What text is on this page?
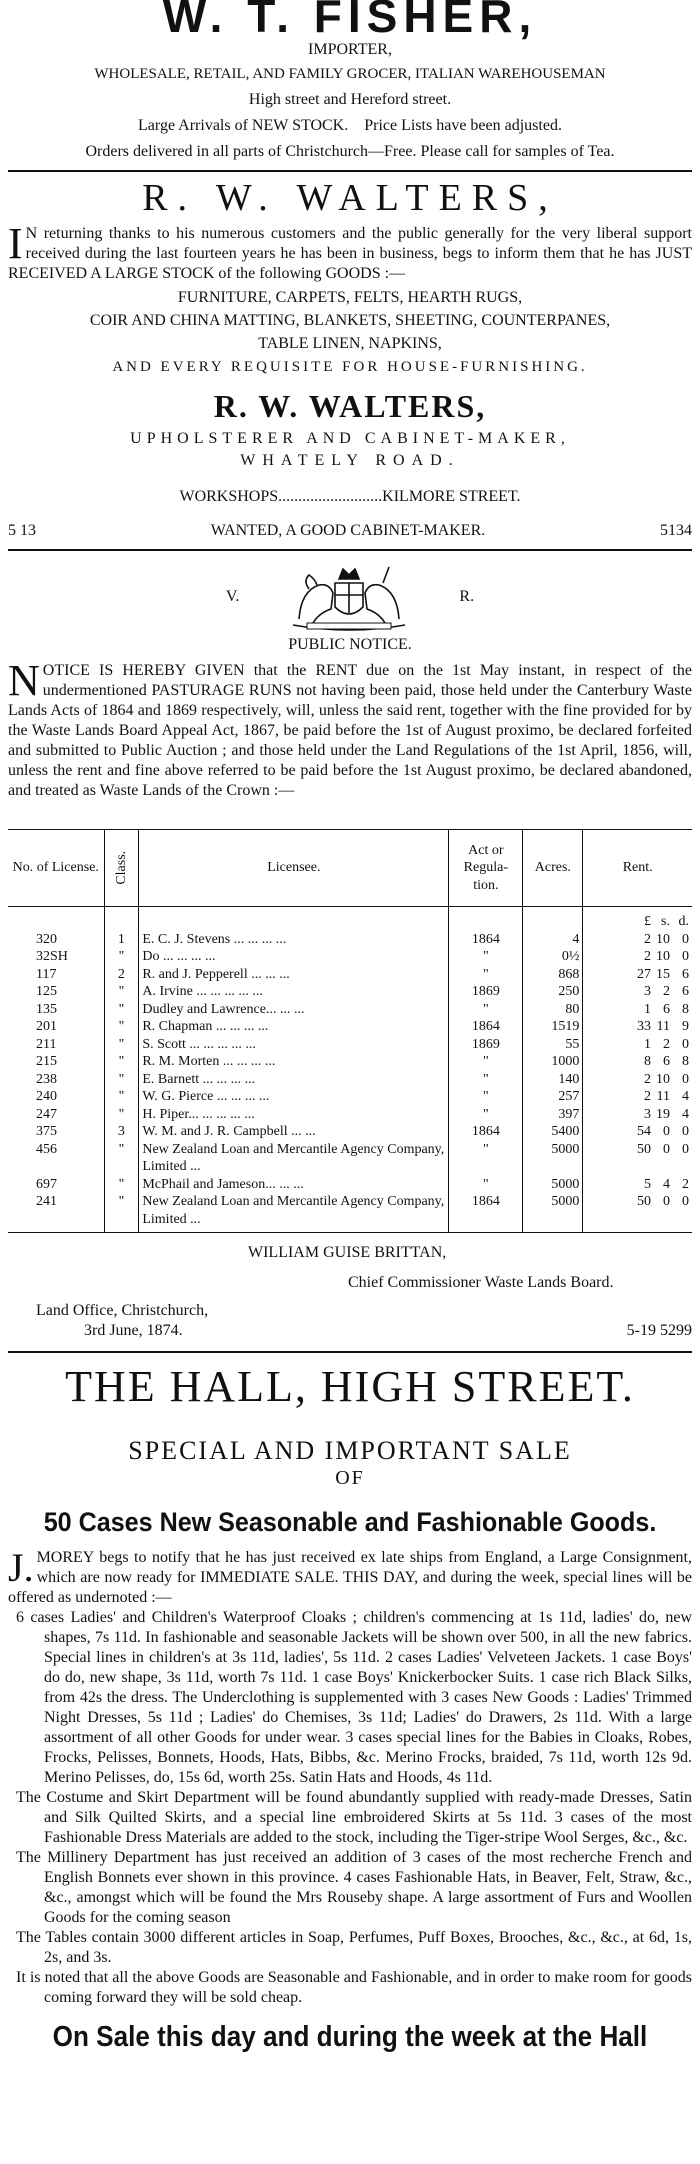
W. T. FISHER,

IMPORTER,

WHOLESALE, RETAIL, AND FAMILY GROCER, ITALIAN WAREHOUSEMAN

High street and Hereford street.

Large Arrivals of NEW STOCK.    Price Lists have been adjusted.

Orders delivered in all parts of Christchurch—Free. Please call for samples of Tea.

R. W. WALTERS,
I N returning thanks to his numerous customers and the public generally for the very liberal support received during the last fourteen years he has been in business, begs to inform them that he has JUST RECEIVED A LARGE STOCK of the following GOODS :—

FURNITURE, CARPETS, FELTS, HEARTH RUGS,

COIR AND CHINA MATTING, BLANKETS, SHEETING, COUNTERPANES,

TABLE LINEN, NAPKINS,

AND EVERY REQUISITE FOR HOUSE-FURNISHING.

R. W. WALTERS,

UPHOLSTERER AND CABINET-MAKER,

WHATELY ROAD.

WORKSHOPS..........................KILMORE STREET.

5 13	WANTED, A GOOD CABINET-MAKER.	5134
V.	R.

PUBLIC NOTICE.

N OTICE IS HEREBY GIVEN that the RENT due on the 1st May instant, in respect of the undermentioned PASTURAGE RUNS not having been paid, those held under the Canterbury Waste Lands Acts of 1864 and 1869 respectively, will, unless the said rent, together with the fine provided for by the Waste Lands Board Appeal Act, 1867, be paid before the 1st of August proximo, be declared forfeited and submitted to Public Auction ; and those held under the Land Regulations of the 1st April, 1856, will, unless the rent and fine above referred to be paid before the 1st August proximo, be declared abandoned, and treated as Waste Lands of the Crown :—
No. of License.	Class.	Licensee.	Act or Regula-tion.	Acres.	Rent.

					£ s. d.

320	1	E. C. J. Stevens ... ... ... ...	1864	4	2 10 0

32SH	"	Do ... ... ... ...	"	0½	2 10 0

117	2	R. and J. Pepperell ... ... ...	"	868	27 15 6

125	"	A. Irvine ... ... ... ... ...	1869	250	3 2 6

135	"	Dudley and Lawrence... ... ...	"	80	1 6 8

201	"	R. Chapman ... ... ... ...	1864	1519	33 11 9

211	"	S. Scott ... ... ... ... ...	1869	55	1 2 0

215	"	R. M. Morten ... ... ... ...	"	1000	8 6 8

238	"	E. Barnett ... ... ... ...	"	140	2 10 0

240	"	W. G. Pierce ... ... ... ...	"	257	2 11 4

247	"	H. Piper... ... ... ... ...	"	397	3 19 4

375	3	W. M. and J. R. Campbell ... ...	1864	5400	54 0 0

456	"	New Zealand Loan and Mercantile Agency Company, Limited ...	"	5000	50 0 0

697	"	McPhail and Jameson... ... ...	"	5000	5 4 2

241	"	New Zealand Loan and Mercantile Agency Company, Limited ...	1864	5000	50 0 0

WILLIAM GUISE BRITTAN,

Chief Commissioner Waste Lands Board.

Land Office, Christchurch,

3rd June, 1874.	5-19 5299
THE HALL, HIGH STREET.
SPECIAL AND IMPORTANT SALE
OF
50 Cases New Seasonable and Fashionable Goods.
J. MOREY begs to notify that he has just received ex late ships from England, a Large Consignment, which are now ready for IMMEDIATE SALE. THIS DAY, and during the week, special lines will be offered as undernoted :—

6 cases Ladies' and Children's Waterproof Cloaks ; children's commencing at 1s 11d, ladies' do, new shapes, 7s 11d. In fashionable and seasonable Jackets will be shown over 500, in all the new fabrics. Special lines in children's at 3s 11d, ladies', 5s 11d. 2 cases Ladies' Velveteen Jackets. 1 case Boys' do do, new shape, 3s 11d, worth 7s 11d. 1 case Boys' Knickerbocker Suits. 1 case rich Black Silks, from 42s the dress. The Underclothing is supplemented with 3 cases New Goods : Ladies' Trimmed Night Dresses, 5s 11d ; Ladies' do Chemises, 3s 11d; Ladies' do Drawers, 2s 11d. With a large assortment of all other Goods for under wear. 3 cases special lines for the Babies in Cloaks, Robes, Frocks, Pelisses, Bonnets, Hoods, Hats, Bibbs, &c. Merino Frocks, braided, 7s 11d, worth 12s 9d. Merino Pelisses, do, 15s 6d, worth 25s. Satin Hats and Hoods, 4s 11d.

The Costume and Skirt Department will be found abundantly supplied with ready-made Dresses, Satin and Silk Quilted Skirts, and a special line embroidered Skirts at 5s 11d. 3 cases of the most Fashionable Dress Materials are added to the stock, including the Tiger-stripe Wool Serges, &c., &c.

The Millinery Department has just received an addition of 3 cases of the most recherche French and English Bonnets ever shown in this province. 4 cases Fashionable Hats, in Beaver, Felt, Straw, &c., &c., amongst which will be found the Mrs Rouseby shape. A large assortment of Furs and Woollen Goods for the coming season

The Tables contain 3000 different articles in Soap, Perfumes, Puff Boxes, Brooches, &c., &c., at 6d, 1s, 2s, and 3s.

It is noted that all the above Goods are Seasonable and Fashionable, and in order to make room for goods coming forward they will be sold cheap.

On Sale this day and during the week at the Hall
